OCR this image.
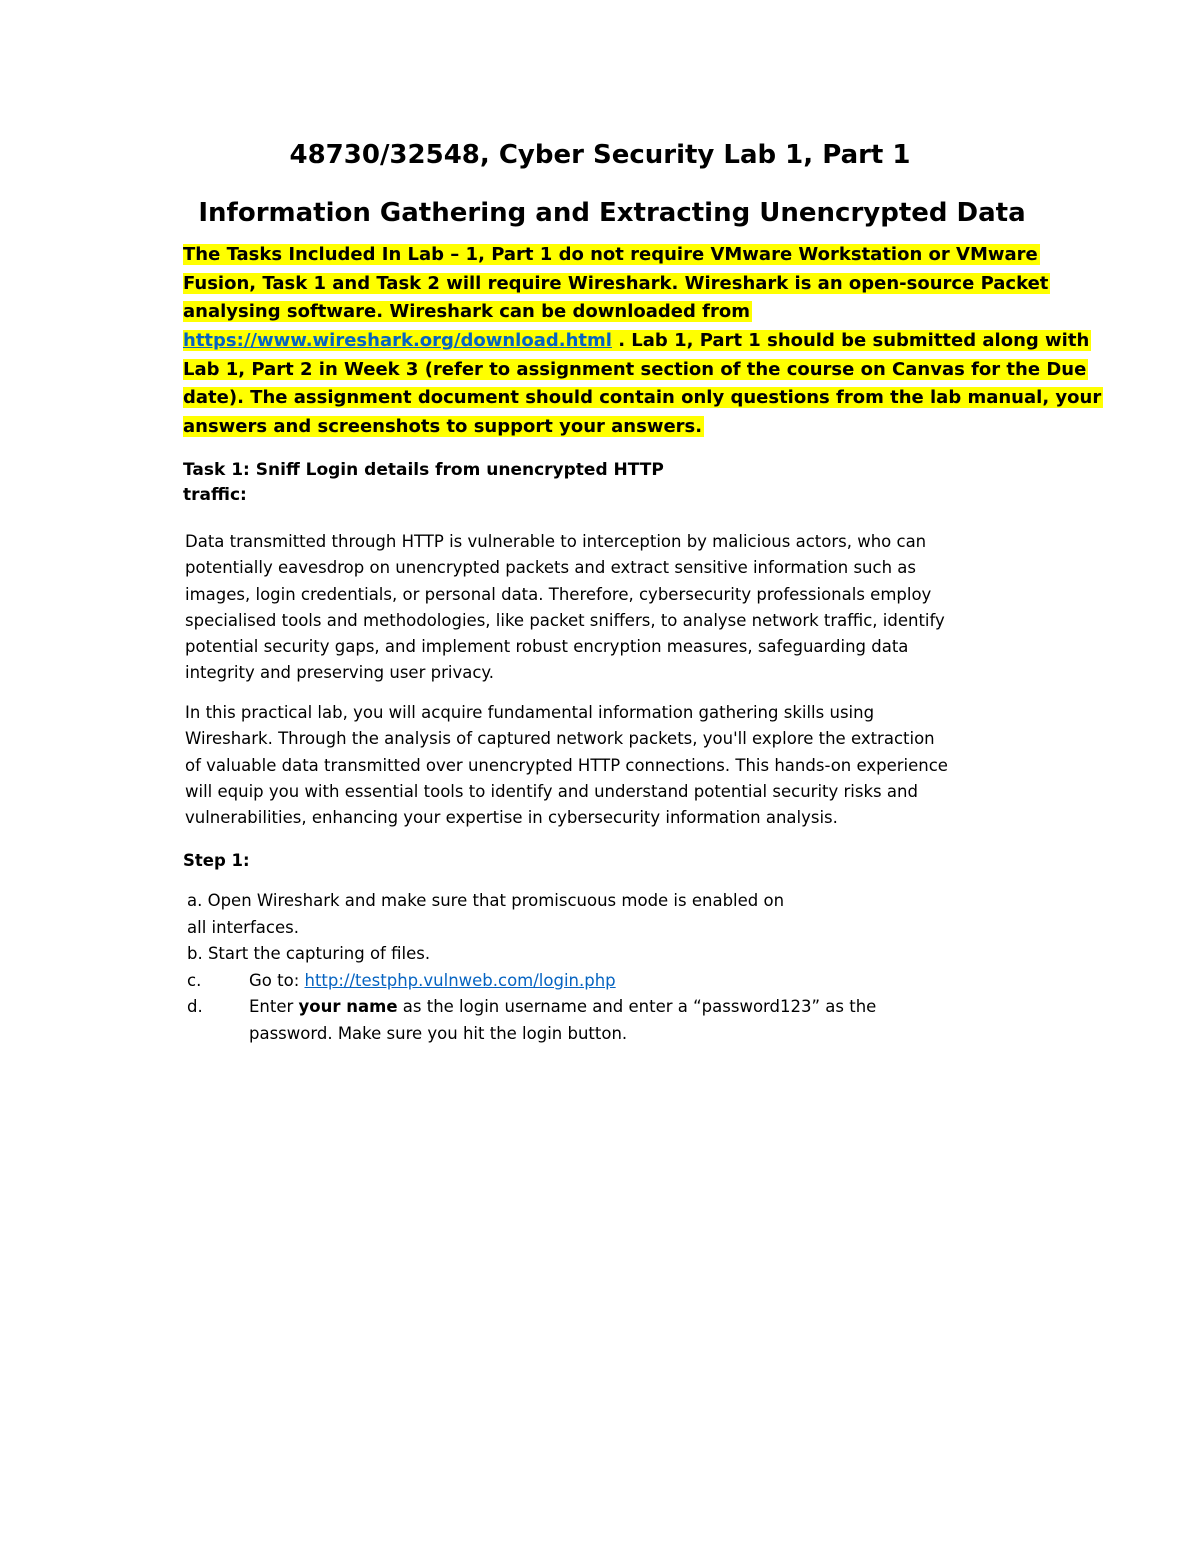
48730/32548, Cyber Security Lab 1, Part 1
Information Gathering and Extracting Unencrypted Data
The Tasks Included In Lab – 1, Part 1 do not require VMware Workstation or VMware
Fusion, Task 1 and Task 2 will require Wireshark. Wireshark is an open-source Packet
analysing software. Wireshark can be downloaded from
https://www.wireshark.org/download.html . Lab 1, Part 1 should be submitted along with
Lab 1, Part 2 in Week 3 (refer to assignment section of the course on Canvas for the Due
date). The assignment document should contain only questions from the lab manual, your
answers and screenshots to support your answers.
Task 1: Sniff Login details from unencrypted HTTP
traffic:
Data transmitted through HTTP is vulnerable to interception by malicious actors, who can
potentially eavesdrop on unencrypted packets and extract sensitive information such as
images, login credentials, or personal data. Therefore, cybersecurity professionals employ
specialised tools and methodologies, like packet sniffers, to analyse network traffic, identify
potential security gaps, and implement robust encryption measures, safeguarding data
integrity and preserving user privacy.
In this practical lab, you will acquire fundamental information gathering skills using
Wireshark. Through the analysis of captured network packets, you'll explore the extraction
of valuable data transmitted over unencrypted HTTP connections. This hands-on experience
will equip you with essential tools to identify and understand potential security risks and
vulnerabilities, enhancing your expertise in cybersecurity information analysis.
Step 1:
a. Open Wireshark and make sure that promiscuous mode is enabled on
all interfaces.
b. Start the capturing of files.
c.	Go to: http://testphp.vulnweb.com/login.php
d.	Enter your name as the login username and enter a “password123” as the
password. Make sure you hit the login button.
